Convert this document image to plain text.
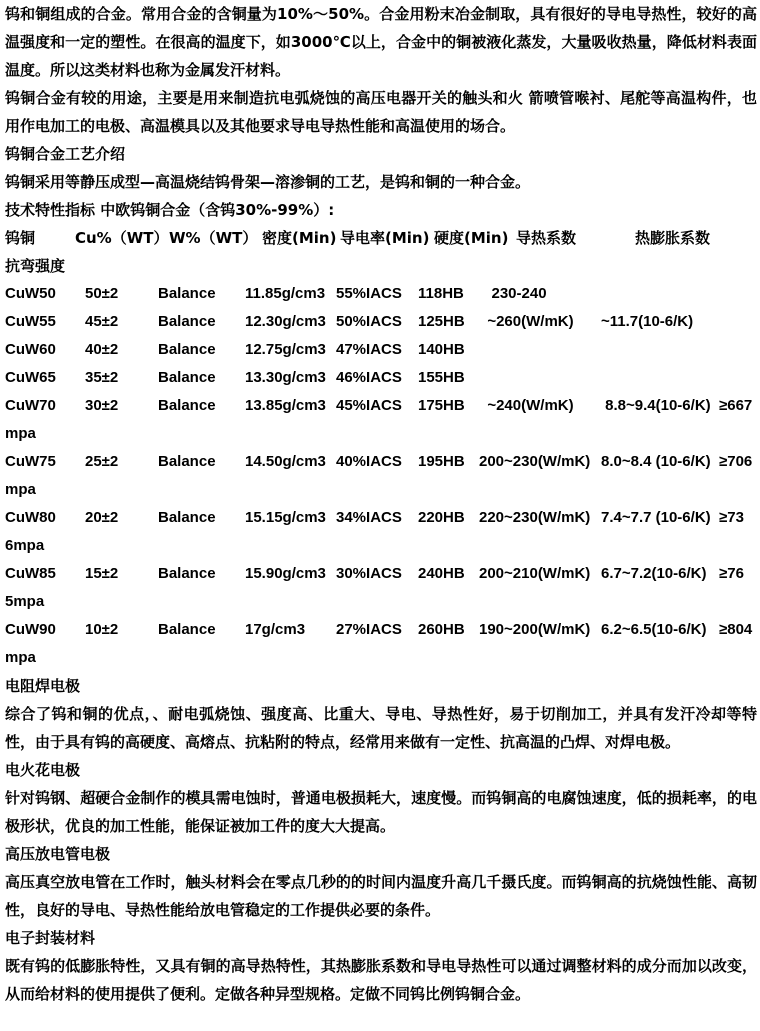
钨和铜组成的合金。常用合金的含铜量为10%～50%。合金用粉末冶金制取，具有很好的导电导热性，较好的高温强度和一定的塑性。在很高的温度下，如3000℃以上，合金中的铜被液化蒸发，大量吸收热量，降低材料表面温度。所以这类材料也称为金属发汗材料。

钨铜合金有较的用途，主要是用来制造抗电弧烧蚀的高压电器开关的触头和火 箭喷管喉衬、尾舵等高温构件，也用作电加工的电极、高温模具以及其他要求导电导热性能和高温使用的场合。

钨铜合金工艺介绍

钨铜采用等静压成型—高温烧结钨骨架—溶渗铜的工艺，是钨和铜的一种合金。

技术特性指标 中欧钨铜合金（含钨30%-99%）:

钨铜	Cu%（WT） W%（WT） 密度(Min) 导电率(Min) 硬度(Min) 导热系数	热膨胀系数
抗弯强度
CuW50 50±2	Balance 11.85g/cm3 55%IACS 118HB 230-240
CuW55 45±2	Balance 12.30g/cm3 50%IACS 125HB ~260(W/mK) ~11.7(10-6/K)
CuW60 40±2	Balance 12.75g/cm3 47%IACS 140HB
CuW65 35±2	Balance 13.30g/cm3 46%IACS 155HB
CuW70 30±2	Balance 13.85g/cm3 45%IACS 175HB ~240(W/mK) 8.8~9.4(10-6/K) ≥667
mpa
CuW75 25±2	Balance 14.50g/cm3 40%IACS 195HB 200~230(W/mK) 8.0~8.4 (10-6/K) ≥706
mpa
CuW80 20±2	Balance 15.15g/cm3 34%IACS 220HB 220~230(W/mK) 7.4~7.7 (10-6/K) ≥73
6mpa
CuW85 15±2	Balance 15.90g/cm3 30%IACS 240HB 200~210(W/mK) 6.7~7.2(10-6/K) ≥76
5mpa
CuW90 10±2	Balance 17g/cm3 27%IACS 260HB 190~200(W/mK) 6.2~6.5(10-6/K) ≥804
mpa

电阻焊电极

综合了钨和铜的优点，、耐电弧烧蚀、强度高、比重大、导电、导热性好，易于切削加工，并具有发汗冷却等特性，由于具有钨的高硬度、高熔点、抗粘附的特点，经常用来做有一定性、抗高温的凸焊、对焊电极。

电火花电极

针对钨钢、超硬合金制作的模具需电蚀时，普通电极损耗大，速度慢。而钨铜高的电腐蚀速度，低的损耗率，的电极形状，优良的加工性能，能保证被加工件的度大大提高。

高压放电管电极

高压真空放电管在工作时，触头材料会在零点几秒的的时间内温度升高几千摄氏度。而钨铜高的抗烧蚀性能、高韧性，良好的导电、导热性能给放电管稳定的工作提供必要的条件。

电子封装材料

既有钨的低膨胀特性，又具有铜的高导热特性，其热膨胀系数和导电导热性可以通过调整材料的成分而加以改变，从而给材料的使用提供了便利。定做各种异型规格。定做不同钨比例钨铜合金。
